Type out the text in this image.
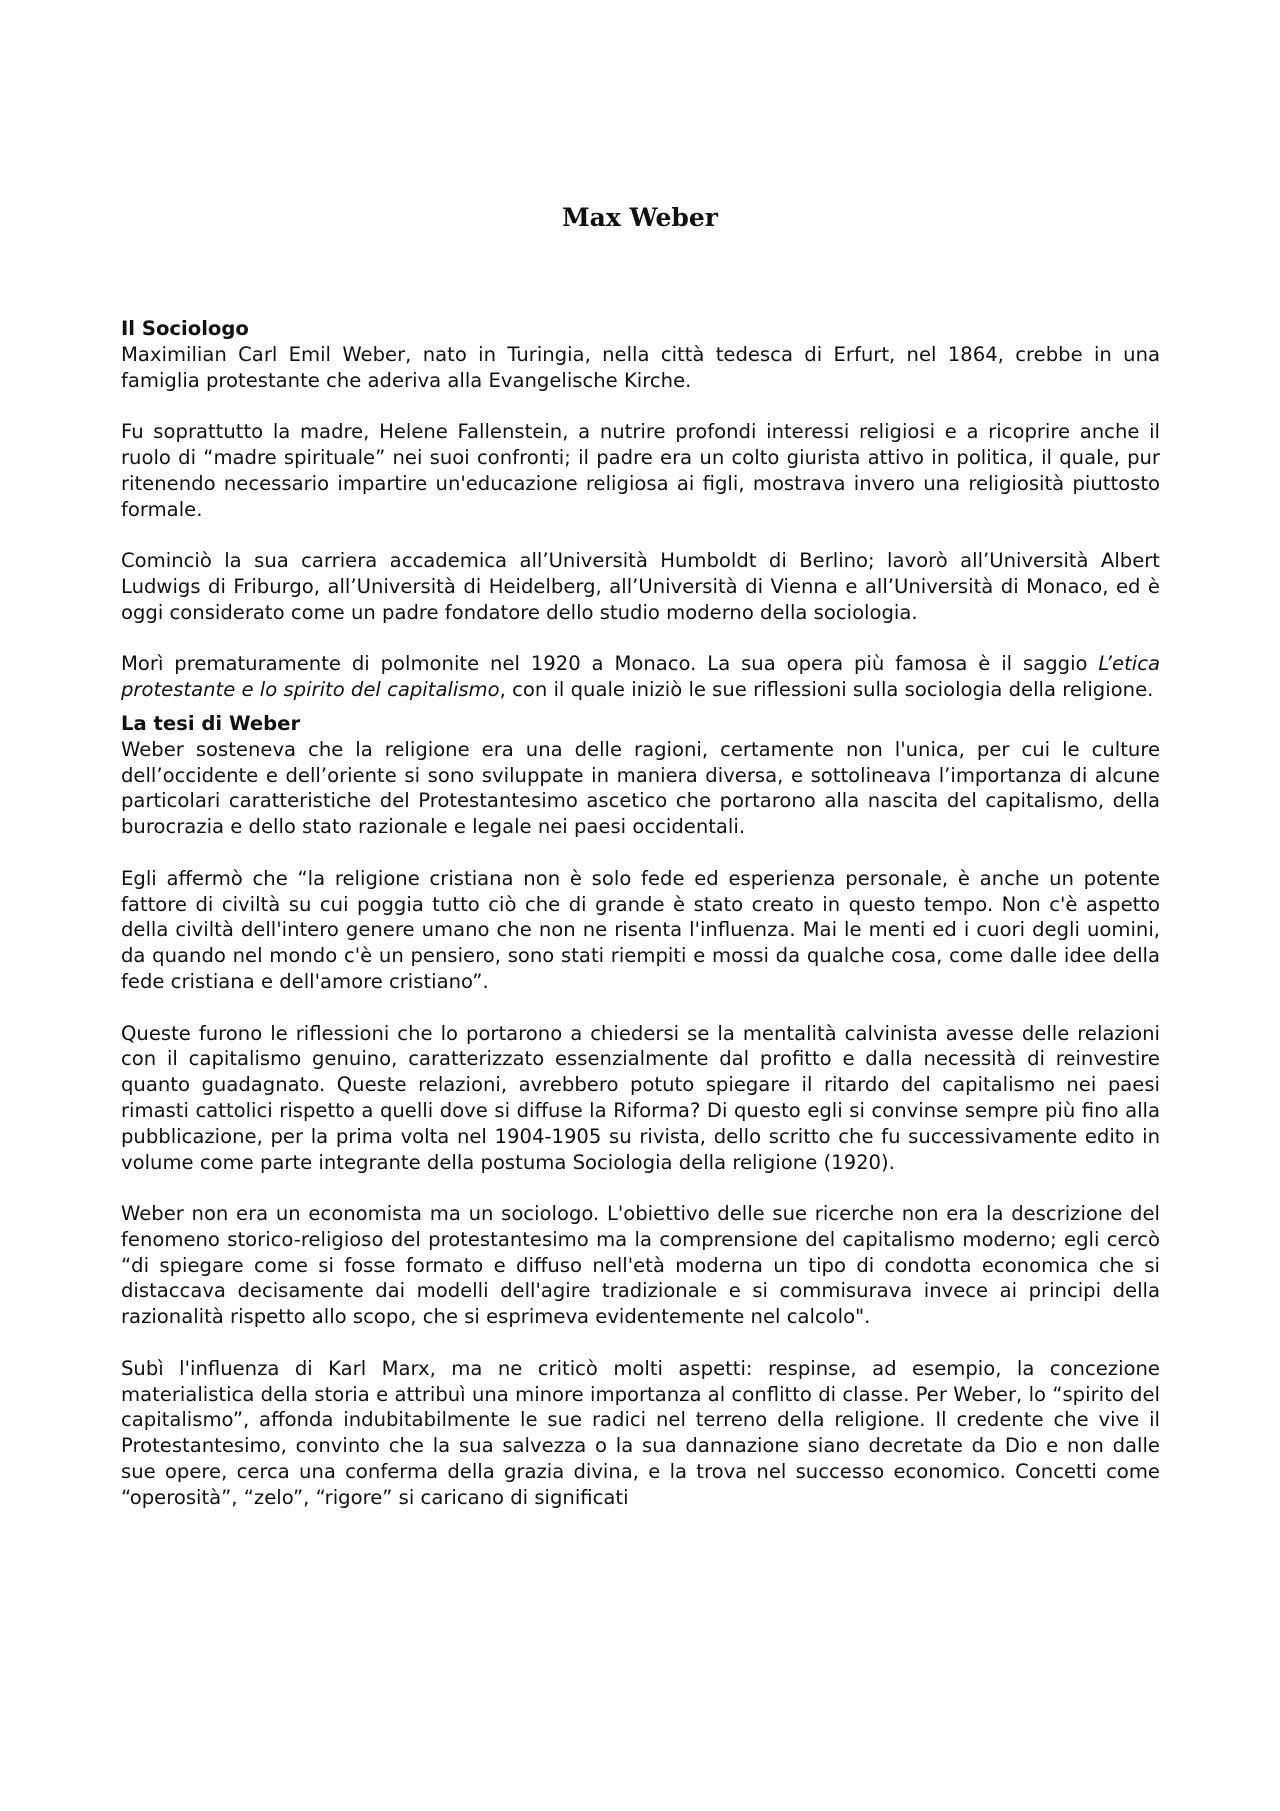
Max Weber
Il Sociologo

Maximilian Carl Emil Weber, nato in Turingia, nella città tedesca di Erfurt, nel 1864, crebbe in una famiglia protestante che aderiva alla Evangelische Kirche.

Fu soprattutto la madre, Helene Fallenstein, a nutrire profondi interessi religiosi e a ricoprire anche il ruolo di “madre spirituale” nei suoi confronti; il padre era un colto giurista attivo in politica, il quale, pur ritenendo necessario impartire un'educazione religiosa ai figli, mostrava invero una religiosità piuttosto formale.

Cominciò la sua carriera accademica all’Università Humboldt di Berlino; lavorò all’Università Albert Ludwigs di Friburgo, all’Università di Heidelberg, all’Università di Vienna e all’Università di Monaco, ed è oggi considerato come un padre fondatore dello studio moderno della sociologia.

Morì prematuramente di polmonite nel 1920 a Monaco. La sua opera più famosa è il saggio L’etica protestante e lo spirito del capitalismo, con il quale iniziò le sue riflessioni sulla sociologia della religione.

La tesi di Weber

Weber sosteneva che la religione era una delle ragioni, certamente non l'unica, per cui le culture dell’occidente e dell’oriente si sono sviluppate in maniera diversa, e sottolineava l’importanza di alcune particolari caratteristiche del Protestantesimo ascetico che portarono alla nascita del capitalismo, della burocrazia e dello stato razionale e legale nei paesi occidentali.

Egli affermò che “la religione cristiana non è solo fede ed esperienza personale, è anche un potente fattore di civiltà su cui poggia tutto ciò che di grande è stato creato in questo tempo. Non c'è aspetto della civiltà dell'intero genere umano che non ne risenta l'influenza. Mai le menti ed i cuori degli uomini, da quando nel mondo c'è un pensiero, sono stati riempiti e mossi da qualche cosa, come dalle idee della fede cristiana e dell'amore cristiano”.

Queste furono le riflessioni che lo portarono a chiedersi se la mentalità calvinista avesse delle relazioni con il capitalismo genuino, caratterizzato essenzialmente dal profitto e dalla necessità di reinvestire quanto guadagnato. Queste relazioni, avrebbero potuto spiegare il ritardo del capitalismo nei paesi rimasti cattolici rispetto a quelli dove si diffuse la Riforma? Di questo egli si convinse sempre più fino alla pubblicazione, per la prima volta nel 1904-1905 su rivista, dello scritto che fu successivamente edito in volume come parte integrante della postuma Sociologia della religione (1920).

Weber non era un economista ma un sociologo. L'obiettivo delle sue ricerche non era la descrizione del fenomeno storico-religioso del protestantesimo ma la comprensione del capitalismo moderno; egli cercò “di spiegare come si fosse formato e diffuso nell'età moderna un tipo di condotta economica che si distaccava decisamente dai modelli dell'agire tradizionale e si commisurava invece ai principi della razionalità rispetto allo scopo, che si esprimeva evidentemente nel calcolo".

Subì l'influenza di Karl Marx, ma ne criticò molti aspetti: respinse, ad esempio, la concezione materialistica della storia e attribuì una minore importanza al conflitto di classe. Per Weber, lo “spirito del capitalismo”, affonda indubitabilmente le sue radici nel terreno della religione. Il credente che vive il Protestantesimo, convinto che la sua salvezza o la sua dannazione siano decretate da Dio e non dalle sue opere, cerca una conferma della grazia divina, e la trova nel successo economico. Concetti come “operosità”, “zelo”, “rigore” si caricano di significati
